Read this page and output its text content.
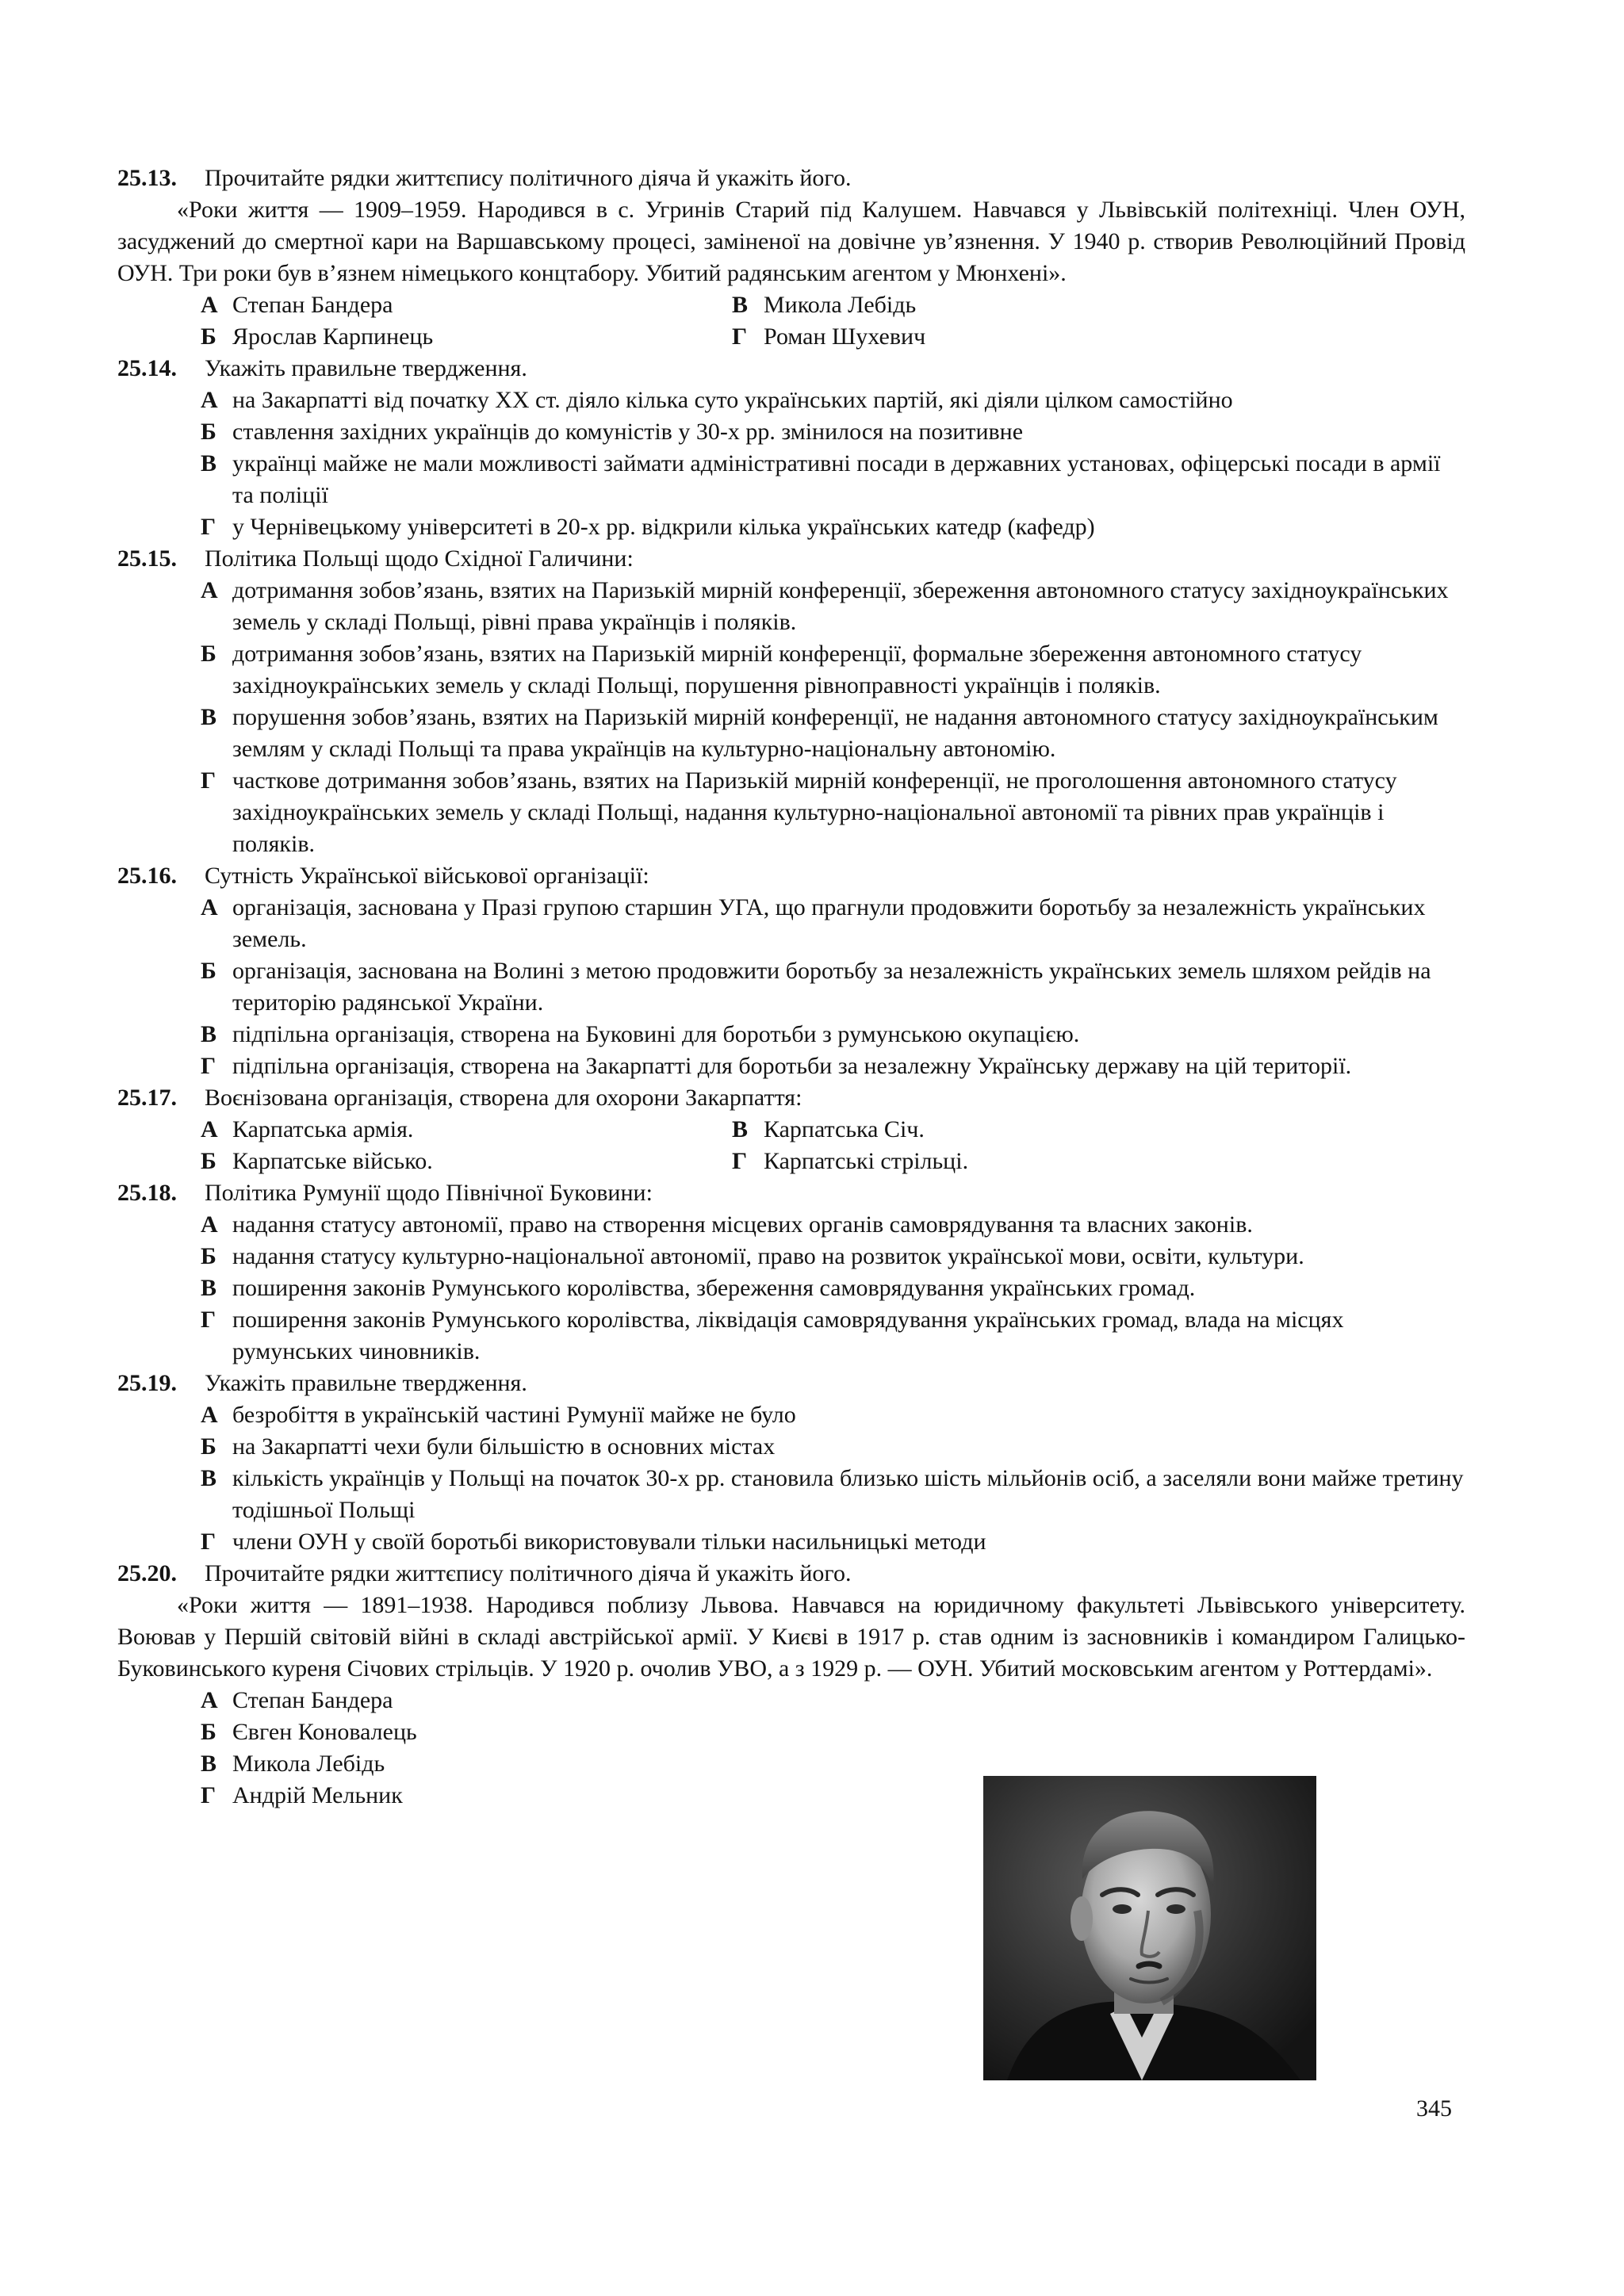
25.13.	Прочитайте рядки життєпису політичного діяча й укажіть його.
«Роки життя — 1909–1959. Народився в с. Угринів Старий під Калушем. Навчався у Львівській політехніці. Член ОУН, засуджений до смертної кари на Варшавському процесі, заміненої на довічне ув’язнення. У 1940 р. створив Революційний Провід ОУН. Три роки був в’язнем німецького концтабору. Убитий радянським агентом у Мюнхені».
А Степан Бандера	В Микола Лебідь
Б Ярослав Карпинець	Г Роман Шухевич
25.14.	Укажіть правильне твердження.
А на Закарпатті від початку XX ст. діяло кілька суто українських партій, які діяли цілком самостійно
Б ставлення західних українців до комуністів у 30-х рр. змінилося на позитивне
В українці майже не мали можливості займати адміністративні посади в державних установах, офіцерські посади в армії та поліції
Г у Чернівецькому університеті в 20-х рр. відкрили кілька українських катедр (кафедр)
25.15.	Політика Польщі щодо Східної Галичини:
А дотримання зобов’язань, взятих на Паризькій мирній конференції, збереження автономного статусу західноукраїнських земель у складі Польщі, рівні права українців і поляків.
Б дотримання зобов’язань, взятих на Паризькій мирній конференції, формальне збереження автономного статусу західноукраїнських земель у складі Польщі, порушення рівноправності українців і поляків.
В порушення зобов’язань, взятих на Паризькій мирній конференції, не надання автономного статусу західноукраїнським землям у складі Польщі та права українців на культурно-національну автономію.
Г часткове дотримання зобов’язань, взятих на Паризькій мирній конференції, не проголошення автономного статусу західноукраїнських земель у складі Польщі, надання культурно-національної автономії та рівних прав українців і поляків.
25.16.	Сутність Української військової організації:
А організація, заснована у Празі групою старшин УГА, що прагнули продовжити боротьбу за незалежність українських земель.
Б організація, заснована на Волині з метою продовжити боротьбу за незалежність українських земель шляхом рейдів на територію радянської України.
В підпільна організація, створена на Буковині для боротьби з румунською окупацією.
Г підпільна організація, створена на Закарпатті для боротьби за незалежну Українську державу на цій території.
25.17.	Воєнізована організація, створена для охорони Закарпаття:
А Карпатська армія.	В Карпатська Січ.
Б Карпатське військо.	Г Карпатські стрільці.
25.18.	Політика Румунії щодо Північної Буковини:
А надання статусу автономії, право на створення місцевих органів самоврядування та власних законів.
Б надання статусу культурно-національної автономії, право на розвиток української мови, освіти, культури.
В поширення законів Румунського королівства, збереження самоврядування українських громад.
Г поширення законів Румунського королівства, ліквідація самоврядування українських громад, влада на місцях румунських чиновників.
25.19.	Укажіть правильне твердження.
А безробіття в українській частині Румунії майже не було
Б на Закарпатті чехи були більшістю в основних містах
В кількість українців у Польщі на початок 30-х рр. становила близько шість мільйонів осіб, а заселяли вони майже третину тодішньої Польщі
Г члени ОУН у своїй боротьбі використовували тільки насильницькі методи
25.20.	Прочитайте рядки життєпису політичного діяча й укажіть його.
«Роки життя — 1891–1938. Народився поблизу Львова. Навчався на юридичному факультеті Львівського університету. Воював у Першій світовій війні в складі австрійської армії. У Києві в 1917 р. став одним із засновників і командиром Галицько-Буковинського куреня Січових стрільців. У 1920 р. очолив УВО, а з 1929 р. — ОУН. Убитий московським агентом у Роттердамі».
А Степан Бандера
Б Євген Коновалець
В Микола Лебідь
Г Андрій Мельник
345
